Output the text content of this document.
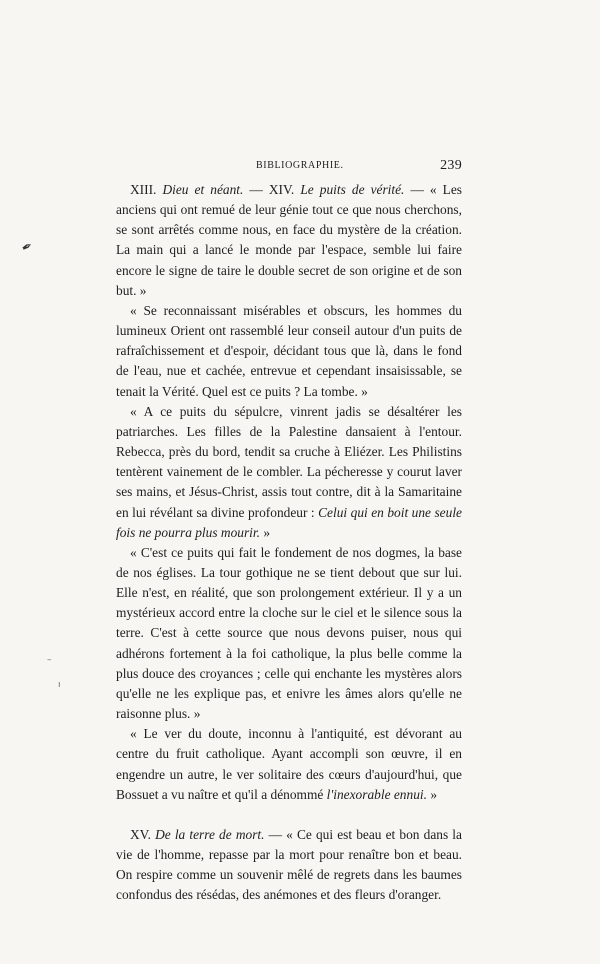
BIBLIOGRAPHIE.	239

XIII. Dieu et néant. — XIV. Le puits de vérité. — « Les anciens qui ont remué de leur génie tout ce que nous cherchons, se sont arrêtés comme nous, en face du mystère de la création. La main qui a lancé le monde par l'espace, semble lui faire encore le signe de taire le double secret de son origine et de son but. »

« Se reconnaissant misérables et obscurs, les hommes du lumineux Orient ont rassemblé leur conseil autour d'un puits de rafraîchissement et d'espoir, décidant tous que là, dans le fond de l'eau, nue et cachée, entrevue et cependant insaisissable, se tenait la Vérité. Quel est ce puits ? La tombe. »

« A ce puits du sépulcre, vinrent jadis se désaltérer les patriarches. Les filles de la Palestine dansaient à l'entour. Rebecca, près du bord, tendit sa cruche à Eliézer. Les Philistins tentèrent vainement de le combler. La pécheresse y courut laver ses mains, et Jésus-Christ, assis tout contre, dit à la Samaritaine en lui révélant sa divine profondeur : Celui qui en boit une seule fois ne pourra plus mourir. »

« C'est ce puits qui fait le fondement de nos dogmes, la base de nos églises. La tour gothique ne se tient debout que sur lui. Elle n'est, en réalité, que son prolongement extérieur. Il y a un mystérieux accord entre la cloche sur le ciel et le silence sous la terre. C'est à cette source que nous devons puiser, nous qui adhérons fortement à la foi catholique, la plus belle comme la plus douce des croyances ; celle qui enchante les mystères alors qu'elle ne les explique pas, et enivre les âmes alors qu'elle ne raisonne plus. »

« Le ver du doute, inconnu à l'antiquité, est dévorant au centre du fruit catholique. Ayant accompli son œuvre, il en engendre un autre, le ver solitaire des cœurs d'aujourd'hui, que Bossuet a vu naître et qu'il a dénommé l'inexorable ennui. »

XV. De la terre de mort. — « Ce qui est beau et bon dans la vie de l'homme, repasse par la mort pour renaître bon et beau. On respire comme un souvenir mêlé de regrets dans les baumes confondus des résédas, des anémones et des fleurs d'oranger.

✒
–
ı
